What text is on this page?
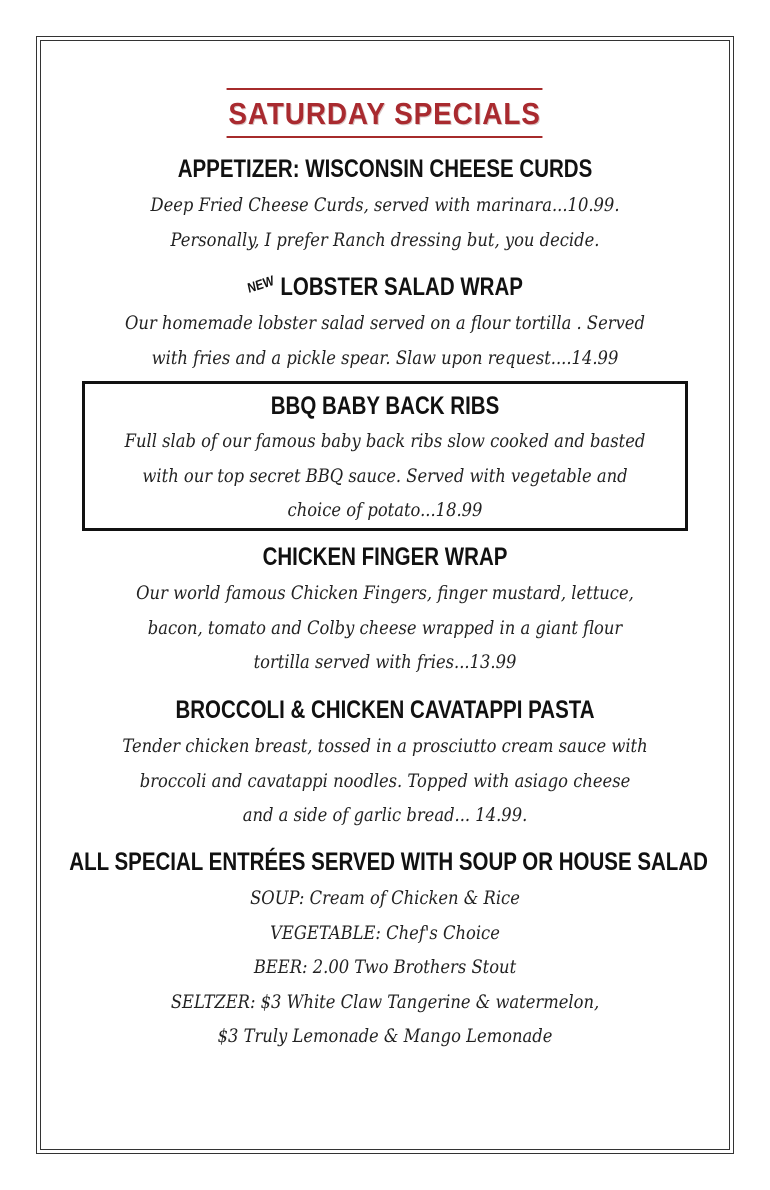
SATURDAY SPECIALS
APPETIZER: WISCONSIN CHEESE CURDS
Deep Fried Cheese Curds, served with marinara...10.99.
Personally, I prefer Ranch dressing but, you decide.
NEW LOBSTER SALAD WRAP
Our homemade lobster salad served on a flour tortilla . Served
with fries and a pickle spear. Slaw upon request....14.99
BBQ BABY BACK RIBS
Full slab of our famous baby back ribs slow cooked and basted
with our top secret BBQ sauce. Served with vegetable and
choice of potato...18.99
CHICKEN FINGER WRAP
Our world famous Chicken Fingers, finger mustard, lettuce,
bacon, tomato and Colby cheese wrapped in a giant flour
tortilla served with fries...13.99
BROCCOLI & CHICKEN CAVATAPPI PASTA
Tender chicken breast, tossed in a prosciutto cream sauce with
broccoli and cavatappi noodles. Topped with asiago cheese
and a side of garlic bread... 14.99.
ALL SPECIAL ENTRÉES SERVED WITH SOUP OR HOUSE SALAD
SOUP: Cream of Chicken & Rice
VEGETABLE: Chef's Choice
BEER: 2.00 Two Brothers Stout
SELTZER: $3 White Claw Tangerine & watermelon,
$3 Truly Lemonade & Mango Lemonade
